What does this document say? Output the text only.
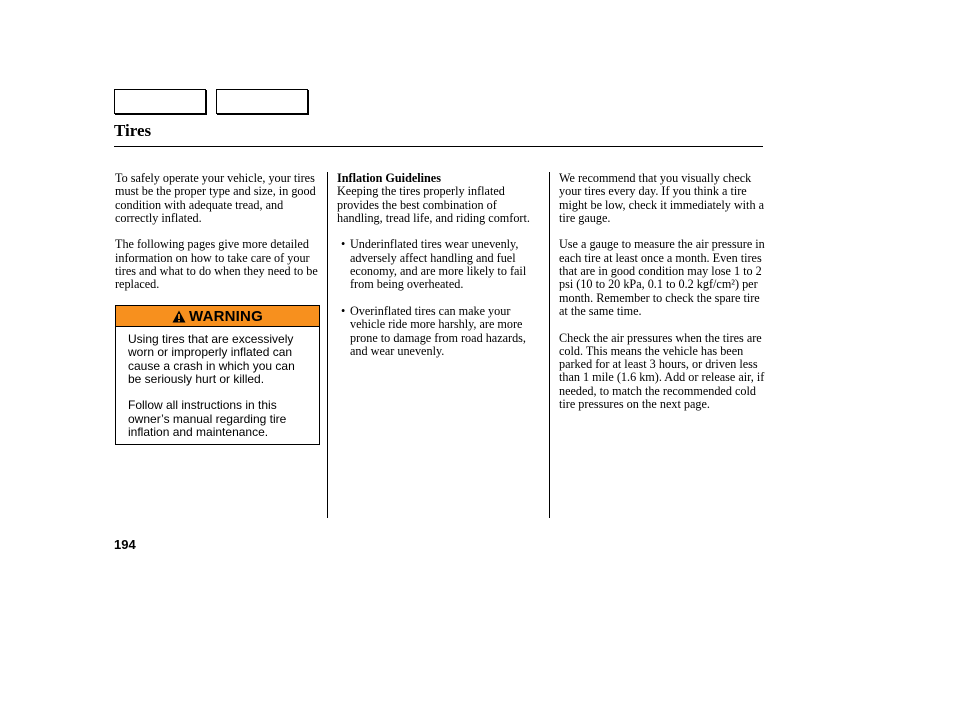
Tires

To safely operate your vehicle, your tires must be the proper type and size, in good condition with adequate tread, and correctly inflated.

The following pages give more detailed information on how to take care of your tires and what to do when they need to be replaced.

WARNING

Using tires that are excessively worn or improperly inflated can cause a crash in which you can be seriously hurt or killed.

Follow all instructions in this owner’s manual regarding tire inflation and maintenance.

Inflation Guidelines
Keeping the tires properly inflated provides the best combination of handling, tread life, and riding comfort.

• Underinflated tires wear unevenly, adversely affect handling and fuel economy, and are more likely to fail from being overheated.
• Overinflated tires can make your vehicle ride more harshly, are more prone to damage from road hazards, and wear unevenly.

We recommend that you visually check your tires every day. If you think a tire might be low, check it immediately with a tire gauge.

Use a gauge to measure the air pressure in each tire at least once a month. Even tires that are in good condition may lose 1 to 2 psi (10 to 20 kPa, 0.1 to 0.2 kgf/cm²) per month. Remember to check the spare tire at the same time.

Check the air pressures when the tires are cold. This means the vehicle has been parked for at least 3 hours, or driven less than 1 mile (1.6 km). Add or release air, if needed, to match the recommended cold tire pressures on the next page.

194
